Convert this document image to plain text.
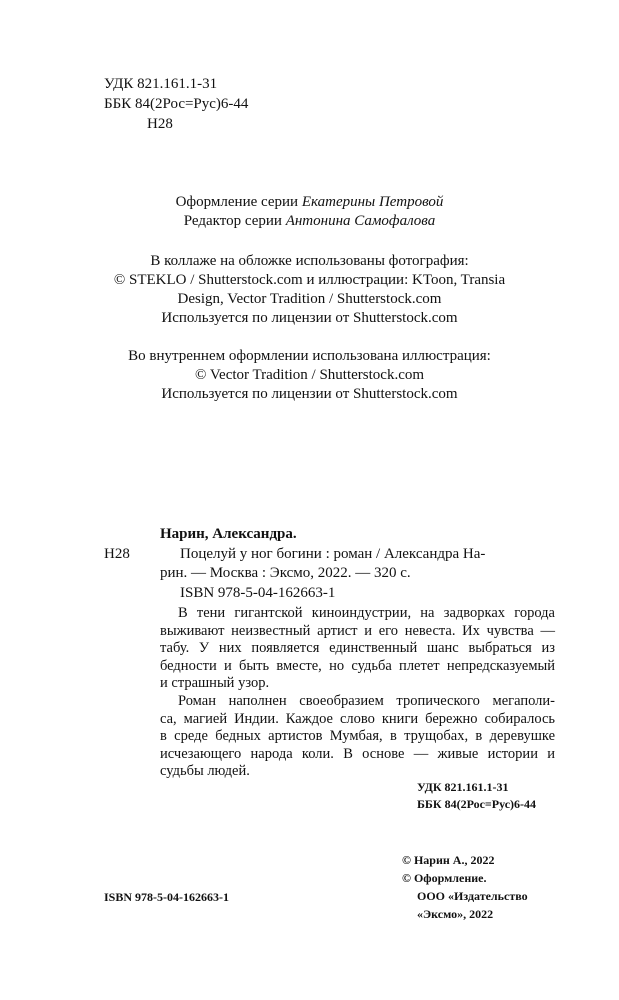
УДК 821.161.1-31
ББК 84(2Рос=Рус)6-44
Н28
Оформление серии Екатерины Петровой
Редактор серии Антонина Самофалова
В коллаже на обложке использованы фотография:
© STEKLO / Shutterstock.com и иллюстрации: KToon, Transia
Design, Vector Tradition / Shutterstock.com
Используется по лицензии от Shutterstock.com
Во внутреннем оформлении использована иллюстрация:
© Vector Tradition / Shutterstock.com
Используется по лицензии от Shutterstock.com
Нарин, Александра.
Н28	Поцелуй у ног богини : роман / Александра На-
рин. — Москва : Эксмо, 2022. — 320 с.
ISBN 978-5-04-162663-1
В тени гигантской киноиндустрии, на задворках города
выживают неизвестный артист и его невеста. Их чувства —
табу. У них появляется единственный шанс выбраться из
бедности и быть вместе, но судьба плетет непредсказуемый
и страшный узор.
Роман наполнен своеобразием тропического мегаполи-
са, магией Индии. Каждое слово книги бережно собиралось
в среде бедных артистов Мумбая, в трущобах, в деревушке
исчезающего народа коли. В основе — живые истории и
судьбы людей.
УДК 821.161.1-31
ББК 84(2Рос=Рус)6-44
© Нарин А., 2022
© Оформление.
ООО «Издательство
«Эксмо», 2022
ISBN 978-5-04-162663-1
